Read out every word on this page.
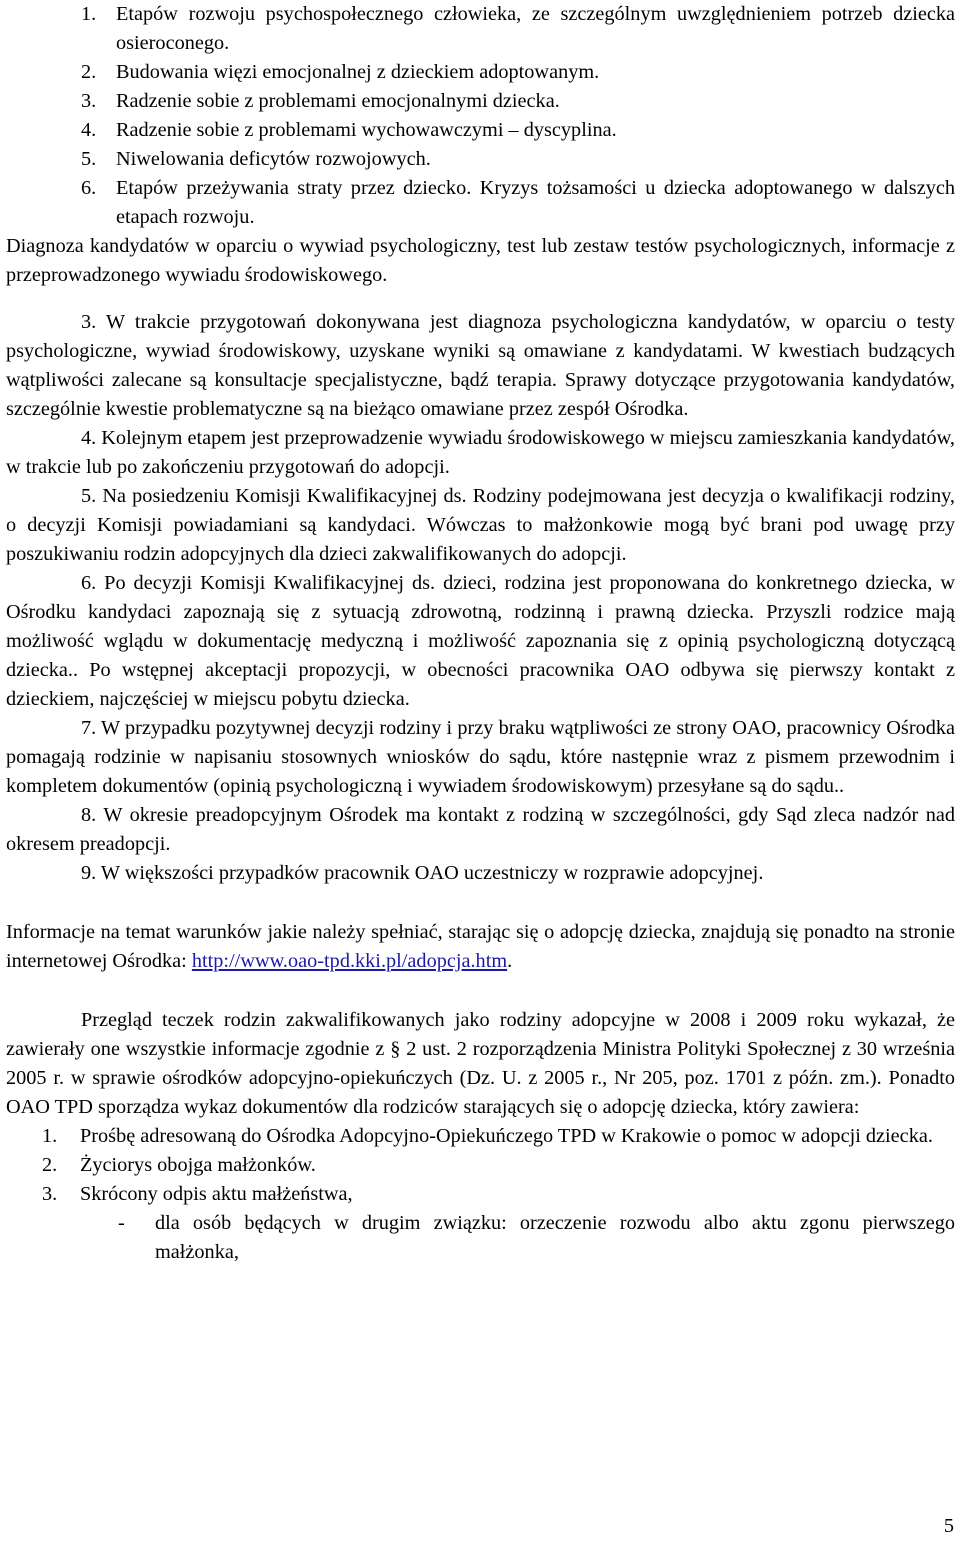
1. Etapów rozwoju psychospołecznego człowieka, ze szczególnym uwzględnieniem potrzeb dziecka osieroconego.
2. Budowania więzi emocjonalnej z dzieckiem adoptowanym.
3. Radzenie sobie z problemami emocjonalnymi dziecka.
4. Radzenie sobie z problemami wychowawczymi – dyscyplina.
5. Niwelowania deficytów rozwojowych.
6. Etapów przeżywania straty przez dziecko. Kryzys tożsamości u dziecka adoptowanego w dalszych etapach rozwoju.

Diagnoza kandydatów w oparciu o wywiad psychologiczny, test lub zestaw testów psychologicznych, informacje z przeprowadzonego wywiadu środowiskowego.

3. W trakcie przygotowań dokonywana jest diagnoza psychologiczna kandydatów, w oparciu o testy psychologiczne, wywiad środowiskowy, uzyskane wyniki są omawiane z kandydatami. W kwestiach budzących wątpliwości zalecane są konsultacje specjalistyczne, bądź terapia. Sprawy dotyczące przygotowania kandydatów, szczególnie kwestie problematyczne są na bieżąco omawiane przez zespół Ośrodka.

4. Kolejnym etapem jest przeprowadzenie wywiadu środowiskowego w miejscu zamieszkania kandydatów, w trakcie lub po zakończeniu przygotowań do adopcji.

5. Na posiedzeniu Komisji Kwalifikacyjnej ds. Rodziny podejmowana jest decyzja o kwalifikacji rodziny, o decyzji Komisji powiadamiani są kandydaci. Wówczas to małżonkowie mogą być brani pod uwagę przy poszukiwaniu rodzin adopcyjnych dla dzieci zakwalifikowanych do adopcji.

6. Po decyzji Komisji Kwalifikacyjnej ds. dzieci, rodzina jest proponowana do konkretnego dziecka, w Ośrodku kandydaci zapoznają się z sytuacją zdrowotną, rodzinną i prawną dziecka. Przyszli rodzice mają możliwość wglądu w dokumentację medyczną i możliwość zapoznania się z opinią psychologiczną dotyczącą dziecka.. Po wstępnej akceptacji propozycji, w obecności pracownika OAO odbywa się pierwszy kontakt z dzieckiem, najczęściej w miejscu pobytu dziecka.

7. W przypadku pozytywnej decyzji rodziny i przy braku wątpliwości ze strony OAO, pracownicy Ośrodka pomagają rodzinie w napisaniu stosownych wniosków do sądu, które następnie wraz z pismem przewodnim i kompletem dokumentów (opinią psychologiczną i wywiadem środowiskowym) przesyłane są do sądu..

8. W okresie preadopcyjnym Ośrodek ma kontakt z rodziną w szczególności, gdy Sąd zleca nadzór nad okresem preadopcji.

9. W większości przypadków pracownik OAO uczestniczy w rozprawie adopcyjnej.

Informacje na temat warunków jakie należy spełniać, starając się o adopcję dziecka, znajdują się ponadto na stronie internetowej Ośrodka: http://www.oao-tpd.kki.pl/adopcja.htm.

Przegląd teczek rodzin zakwalifikowanych jako rodziny adopcyjne w 2008 i 2009 roku wykazał, że zawierały one wszystkie informacje zgodnie z § 2 ust. 2 rozporządzenia Ministra Polityki Społecznej z 30 września 2005 r. w sprawie ośrodków adopcyjno-opiekuńczych (Dz. U. z 2005 r., Nr 205, poz. 1701 z późn. zm.). Ponadto OAO TPD sporządza wykaz dokumentów dla rodziców starających się o adopcję dziecka, który zawiera:

1. Prośbę adresowaną do Ośrodka Adopcyjno-Opiekuńczego TPD w Krakowie o pomoc w adopcji dziecka.
2. Życiorys obojga małżonków.
3. Skrócony odpis aktu małżeństwa,
- dla osób będących w drugim związku: orzeczenie rozwodu albo aktu zgonu pierwszego małżonka,
5
